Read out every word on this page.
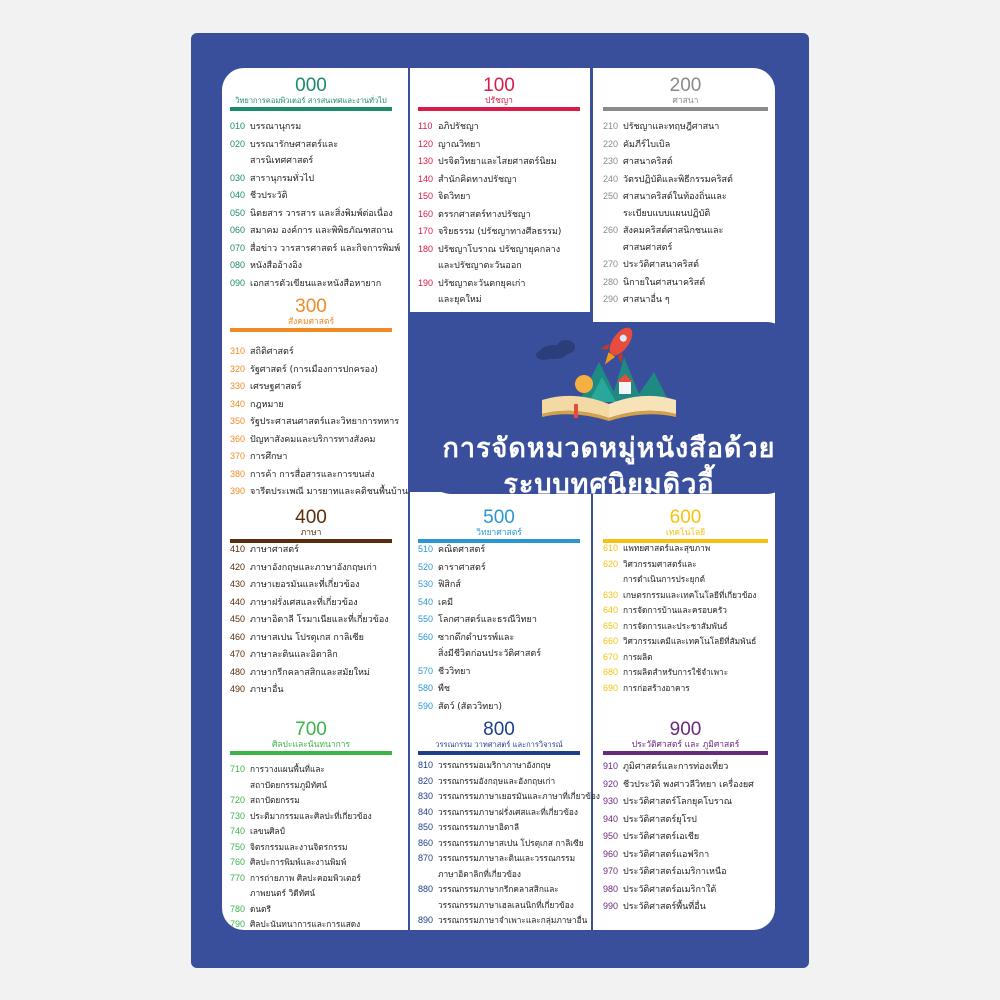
การจัดหมวดหมู่หนังสือด้วย
ระบบทศนิยมดิวอี้
000
วิทยาการคอมพิวเตอร์ สารสนเทศและงานทั่วไป
010 บรรณานุกรม
020 บรรณารักษศาสตร์และ
สารนิเทศศาสตร์
030 สารานุกรมทั่วไป
040 ชีวประวัติ
050 นิตยสาร วารสาร และสิ่งพิมพ์ต่อเนื่อง
060 สมาคม องค์การ และพิพิธภัณฑสถาน
070 สื่อข่าว วารสารศาสตร์ และกิจการพิมพ์
080 หนังสืออ้างอิง
090 เอกสารตัวเขียนและหนังสือหายาก
100
ปรัชญา
110 อภิปรัชญา
120 ญาณวิทยา
130 ปรจิตวิทยาและไสยศาสตร์นิยม
140 สำนักคิดทางปรัชญา
150 จิตวิทยา
160 ตรรกศาสตร์ทางปรัชญา
170 จริยธรรม (ปรัชญาทางศีลธรรม)
180 ปรัชญาโบราณ ปรัชญายุคกลาง
และปรัชญาตะวันออก
190 ปรัชญาตะวันตกยุคเก่า
และยุคใหม่
200
ศาสนา
210 ปรัชญาและทฤษฎีศาสนา
220 คัมภีร์ไบเบิล
230 ศาสนาคริสต์
240 วัตรปฏิบัติและพิธีกรรมคริสต์
250 ศาสนาคริสต์ในท้องถิ่นและ
ระเบียบแบบแผนปฏิบัติ
260 สังคมคริสต์ศาสนิกชนและ
ศาสนศาสตร์
270 ประวัติศาสนาคริสต์
280 นิกายในศาสนาคริสต์
290 ศาสนาอื่น ๆ
300
สังคมศาสตร์
310 สถิติศาสตร์
320 รัฐศาสตร์ (การเมืองการปกครอง)
330 เศรษฐศาสตร์
340 กฎหมาย
350 รัฐประศาสนศาสตร์และวิทยาการทหาร
360 ปัญหาสังคมและบริการทางสังคม
370 การศึกษา
380 การค้า การสื่อสารและการขนส่ง
390 จารีตประเพณี มารยาทและคติชนพื้นบ้าน
400
ภาษา
410 ภาษาศาสตร์
420 ภาษาอังกฤษและภาษาอังกฤษเก่า
430 ภาษาเยอรมันและที่เกี่ยวข้อง
440 ภาษาฝรั่งเศสและที่เกี่ยวข้อง
450 ภาษาอิตาลี โรมาเนียและที่เกี่ยวข้อง
460 ภาษาสเปน โปรตุเกส กาลิเซีย
470 ภาษาละตินและอิตาลิก
480 ภาษากรีกคลาสสิกและสมัยใหม่
490 ภาษาอื่น
500
วิทยาศาสตร์
510 คณิตศาสตร์
520 ดาราศาสตร์
530 ฟิสิกส์
540 เคมี
550 โลกศาสตร์และธรณีวิทยา
560 ซากดึกดำบรรพ์และ
สิ่งมีชีวิตก่อนประวัติศาสตร์
570 ชีววิทยา
580 พืช
590 สัตว์ (สัตววิทยา)
600
เทคโนโลยี
610 แพทยศาสตร์และสุขภาพ
620 วิศวกรรมศาสตร์และ
การดำเนินการประยุกต์
630 เกษตรกรรมและเทคโนโลยีที่เกี่ยวข้อง
640 การจัดการบ้านและครอบครัว
650 การจัดการและประชาสัมพันธ์
660 วิศวกรรมเคมีและเทคโนโลยีที่สัมพันธ์
670 การผลิต
680 การผลิตสำหรับการใช้จำเพาะ
690 การก่อสร้างอาคาร
700
ศิลปะและนันทนาการ
710 การวางแผนพื้นที่และ
สถาปัตยกรรมภูมิทัศน์
720 สถาปัตยกรรม
730 ประติมากรรมและศิลปะที่เกี่ยวข้อง
740 เลขนศิลป์
750 จิตรกรรมและงานจิตรกรรม
760 ศิลปะการพิมพ์และงานพิมพ์
770 การถ่ายภาพ ศิลปะคอมพิวเตอร์
ภาพยนตร์ วิดีทัศน์
780 ดนตรี
790 ศิลปะนันทนาการและการแสดง
800
วรรณกรรม วาทศาสตร์ และการวิจารณ์
810 วรรณกรรมอเมริกาภาษาอังกฤษ
820 วรรณกรรมอังกฤษและอังกฤษเก่า
830 วรรณกรรมภาษาเยอรมันและภาษาที่เกี่ยวข้อง
840 วรรณกรรมภาษาฝรั่งเศสและที่เกี่ยวข้อง
850 วรรณกรรมภาษาอิตาลี
860 วรรณกรรมภาษาสเปน โปรตุเกส กาลิเซีย
870 วรรณกรรมภาษาละตินและวรรณกรรม
ภาษาอิตาลิกที่เกี่ยวข้อง
880 วรรณกรรมภาษากรีกคลาสสิกและ
วรรณกรรมภาษาเฮลเลนนิกที่เกี่ยวข้อง
890 วรรณกรรมภาษาจำเพาะและกลุ่มภาษาอื่น
900
ประวัติศาสตร์ และ ภูมิศาสตร์
910 ภูมิศาสตร์และการท่องเที่ยว
920 ชีวประวัติ พงศาวลีวิทยา เครื่องยศ
930 ประวัติศาสตร์โลกยุคโบราณ
940 ประวัติศาสตร์ยุโรป
950 ประวัติศาสตร์เอเชีย
960 ประวัติศาสตร์แอฟริกา
970 ประวัติศาสตร์อเมริกาเหนือ
980 ประวัติศาสตร์อเมริกาใต้
990 ประวัติศาสตร์พื้นที่อื่น
